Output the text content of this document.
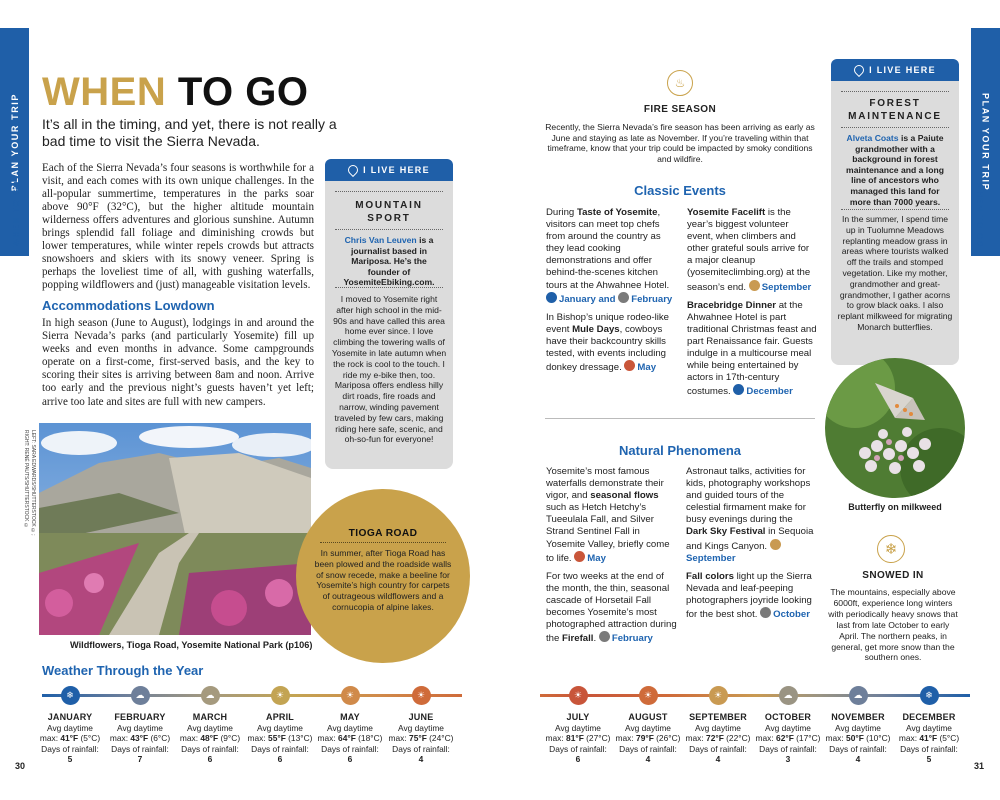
PLAN YOUR TRIP
WHEN TO GO
PLAN YOUR TRIP
WHEN TO GO
WHEN TO GO
It’s all in the timing, and yet, there is not really a bad time to visit the Sierra Nevada.
Each of the Sierra Nevada’s four seasons is worthwhile for a visit, and each comes with its own unique challenges. In the all-popular summertime, temperatures in the parks soar above 90°F (32°C), but the higher altitude mountain wilderness offers adventures and glorious sunshine. Autumn brings splendid fall foliage and diminishing crowds but lower temperatures, while winter repels crowds but attracts snowshoers and skiers with its snowy veneer. Spring is perhaps the loveliest time of all, with gushing waterfalls, popping wildflowers and (just) manageable visitation levels.
Accommodations Lowdown
In high season (June to August), lodgings in and around the Sierra Nevada’s parks (and particularly Yosemite) fill up weeks and even months in advance. Some campgrounds operate on a first-come, first-served basis, and the key to scoring their sites is arriving between 8am and noon. Arrive too early and the previous night’s guests haven’t yet left; arrive too late and sites are full with new campers.
LEFT: SARA EDWARDS/SHUTTERSTOCK ©; RIGHT: RENÉ PAUTS/SHUTTERSTOCK ©
Wildflowers, Tioga Road, Yosemite National Park (p106)
I LIVE HERE
MOUNTAIN
SPORT
Chris Van Leuven is a journalist based in Mariposa. He’s the founder of YosemiteEbiking.com.
I moved to Yosemite right after high school in the mid-90s and have called this area home ever since. I love climbing the towering walls of Yosemite in late autumn when the rock is cool to the touch. I ride my e-bike then, too. Mariposa offers endless hilly dirt roads, fire roads and narrow, winding pavement traveled by few cars, making riding here safe, scenic, and oh-so-fun for everyone!
TIOGA ROAD
In summer, after Tioga Road has been plowed and the roadside walls of snow recede, make a beeline for Yosemite’s high country for carpets of outrageous wildflowers and a cornucopia of alpine lakes.
♨
FIRE SEASON
Recently, the Sierra Nevada’s fire season has been arriving as early as June and staying as late as November. If you’re traveling within that timeframe, know that your trip could be impacted by smoky conditions and wildfire.
Classic Events

During Taste of Yosemite, visitors can meet top chefs from around the country as they lead cooking demonstrations and offer behind-the-scenes kitchen tours at the Ahwahnee Hotel. January and February

In Bishop’s unique rodeo-like event Mule Days, cowboys have their backcountry skills tested, with events including donkey dressage. May

Yosemite Facelift is the year’s biggest volunteer event, when climbers and other grateful souls arrive for a major cleanup (yosemiteclimbing.org) at the season’s end. September

Bracebridge Dinner at the Ahwahnee Hotel is part traditional Christmas feast and part Renaissance fair. Guests indulge in a multicourse meal while being entertained by actors in 17th-century costumes. December

Natural Phenomena

Yosemite’s most famous waterfalls demonstrate their vigor, and seasonal flows such as Hetch Hetchy’s Tueeulala Fall, and Silver Strand Sentinel Fall in Yosemite Valley, briefly come to life. May

For two weeks at the end of the month, the thin, seasonal cascade of Horsetail Fall becomes Yosemite’s most photographed attraction during the Firefall. February

Astronaut talks, activities for kids, photography workshops and guided tours of the celestial firmament make for busy evenings during the Dark Sky Festival in Sequoia and Kings Canyon. September

Fall colors light up the Sierra Nevada and leaf-peeping photographers joyride looking for the best shot. October

I LIVE HERE
FOREST
MAINTENANCE
Alveta Coats is a Paiute grandmother with a background in forest maintenance and a long line of ancestors who managed this land for more than 7000 years.
In the summer, I spend time up in Tuolumne Meadows replanting meadow grass in areas where tourists walked off the trails and stomped vegetation. Like my mother, grandmother and great-grandmother, I gather acorns to grow black oaks. I also replant milkweed for migrating Monarch butterflies.
Butterfly on milkweed
❄
SNOWED IN
The mountains, especially above 6000ft, experience long winters with periodically heavy snows that last from late October to early April. The northern peaks, in general, get more snow than the southern ones.
Weather Through the Year
❄
JANUARY
Avg daytime
max: 41°F (5°C)
Days of rainfall:
5
☁
FEBRUARY
Avg daytime
max: 43°F (6°C)
Days of rainfall:
7
☁
MARCH
Avg daytime
max: 48°F (9°C)
Days of rainfall:
6
☀
APRIL
Avg daytime
max: 55°F (13°C)
Days of rainfall:
6
☀
MAY
Avg daytime
max: 64°F (18°C)
Days of rainfall:
6
☀
JUNE
Avg daytime
max: 75°F (24°C)
Days of rainfall:
4
☀
JULY
Avg daytime
max: 81°F (27°C)
Days of rainfall:
6
☀
AUGUST
Avg daytime
max: 79°F (26°C)
Days of rainfall:
4
☀
SEPTEMBER
Avg daytime
max: 72°F (22°C)
Days of rainfall:
4
☁
OCTOBER
Avg daytime
max: 62°F (17°C)
Days of rainfall:
3
☁
NOVEMBER
Avg daytime
max: 50°F (10°C)
Days of rainfall:
4
❄
DECEMBER
Avg daytime
max: 41°F (5°C)
Days of rainfall:
5
30	31
